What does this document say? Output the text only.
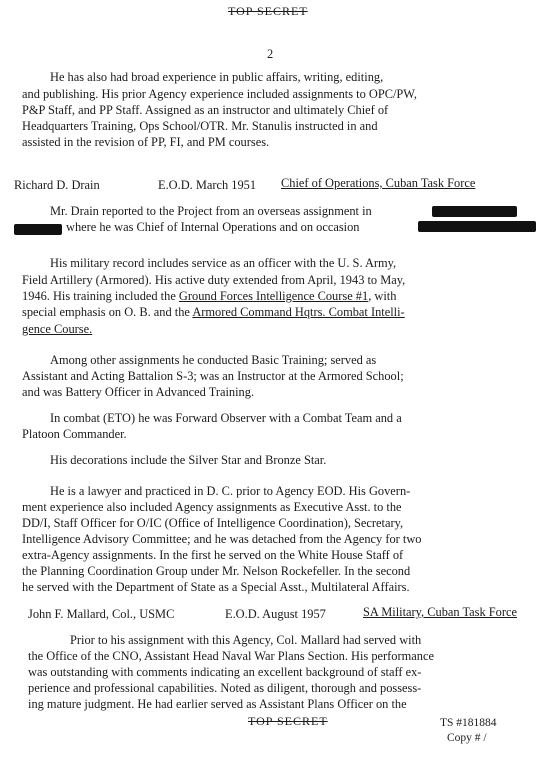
TOP SECRET
2
He has also had broad experience in public affairs, writing, editing,
and publishing. His prior Agency experience included assignments to OPC/PW,
P&P Staff, and PP Staff. Assigned as an instructor and ultimately Chief of
Headquarters Training, Ops School/OTR. Mr. Stanulis instructed in and
assisted in the revision of PP, FI, and PM courses.
Richard D. Drain	E.O.D. March 1951 Chief of Operations, Cuban Task Force
Mr. Drain reported to the Project from an overseas assignment in
where he was Chief of Internal Operations and on occasion
His military record includes service as an officer with the U. S. Army,
Field Artillery (Armored). His active duty extended from April, 1943 to May,
1946. His training included the Ground Forces Intelligence Course #1, with
special emphasis on O. B. and the Armored Command Hqtrs. Combat Intelli-
gence Course.
Among other assignments he conducted Basic Training; served as
Assistant and Acting Battalion S-3; was an Instructor at the Armored School;
and was Battery Officer in Advanced Training.
In combat (ETO) he was Forward Observer with a Combat Team and a
Platoon Commander.
His decorations include the Silver Star and Bronze Star.
He is a lawyer and practiced in D. C. prior to Agency EOD. His Govern-
ment experience also included Agency assignments as Executive Asst. to the
DD/I, Staff Officer for O/IC (Office of Intelligence Coordination), Secretary,
Intelligence Advisory Committee; and he was detached from the Agency for two
extra-Agency assignments. In the first he served on the White House Staff of
the Planning Coordination Group under Mr. Nelson Rockefeller. In the second
he served with the Department of State as a Special Asst., Multilateral Affairs.
John F. Mallard, Col., USMC	E.O.D. August 1957	SA Military, Cuban Task Force
Prior to his assignment with this Agency, Col. Mallard had served with
the Office of the CNO, Assistant Head Naval War Plans Section. His performance
was outstanding with comments indicating an excellent background of staff ex-
perience and professional capabilities. Noted as diligent, thorough and possess-
ing mature judgment. He had earlier served as Assistant Plans Officer on the
TOP SECRET	TS #181884
Copy # /
